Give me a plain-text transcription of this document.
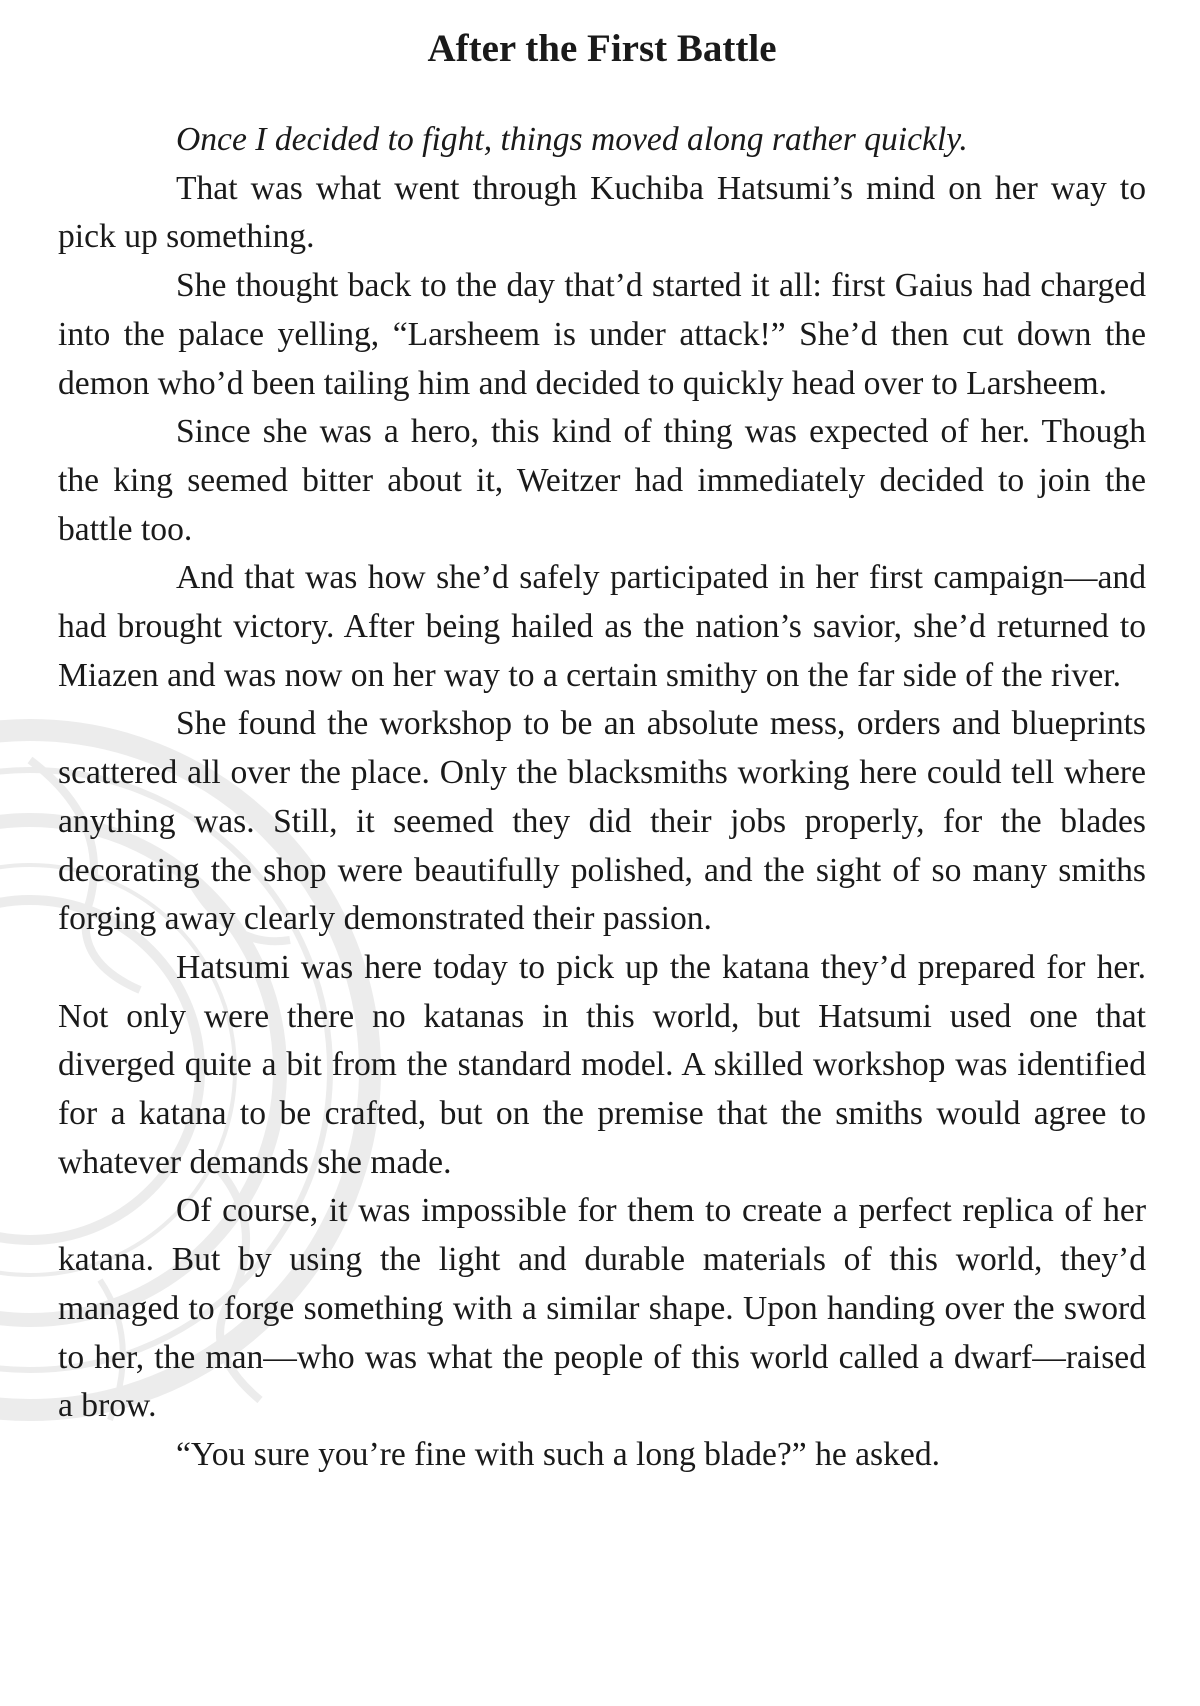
After the First Battle

Once I decided to fight, things moved along rather quickly.

That was what went through Kuchiba Hatsumi’s mind on her way to pick up something.

She thought back to the day that’d started it all: first Gaius had charged into the palace yelling, “Larsheem is under attack!” She’d then cut down the demon who’d been tailing him and decided to quickly head over to Larsheem.

Since she was a hero, this kind of thing was expected of her. Though the king seemed bitter about it, Weitzer had immediately decided to join the battle too.

And that was how she’d safely participated in her first campaign—and had brought victory. After being hailed as the nation’s savior, she’d returned to Miazen and was now on her way to a certain smithy on the far side of the river.

She found the workshop to be an absolute mess, orders and blueprints scattered all over the place. Only the blacksmiths working here could tell where anything was. Still, it seemed they did their jobs properly, for the blades decorating the shop were beautifully polished, and the sight of so many smiths forging away clearly demonstrated their passion.

Hatsumi was here today to pick up the katana they’d prepared for her. Not only were there no katanas in this world, but Hatsumi used one that diverged quite a bit from the standard model. A skilled workshop was identified for a katana to be crafted, but on the premise that the smiths would agree to whatever demands she made.

Of course, it was impossible for them to create a perfect replica of her katana. But by using the light and durable materials of this world, they’d managed to forge something with a similar shape. Upon handing over the sword to her, the man—who was what the people of this world called a dwarf—raised a brow.

“You sure you’re fine with such a long blade?” he asked.
